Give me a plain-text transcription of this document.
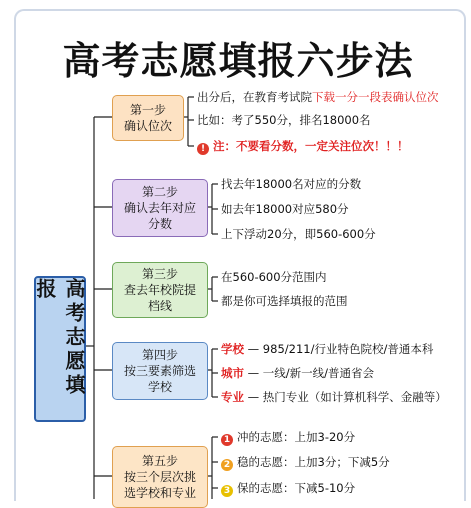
高考志愿填报六步法
高考志愿填报
第一步
确认位次
第二步
确认去年对应
分数
第三步
查去年校院提
档线
第四步
按三要素筛选
学校
第五步
按三个层次挑
选学校和专业
出分后，在教育考试院下载一分一段表确认位次
比如：考了550分，排名18000名
! 注：不要看分数，一定关注位次！！！
找去年18000名对应的分数
如去年18000对应580分
上下浮动20分，即560-600分
在560-600分范围内
都是你可选择填报的范围
学校 — 985/211/行业特色院校/普通本科
城市 — 一线/新一线/普通省会
专业 — 热门专业（如计算机科学、金融等）
1 冲的志愿：上加3-20分
2 稳的志愿：上加3分；下减5分
3 保的志愿：下减5-10分
